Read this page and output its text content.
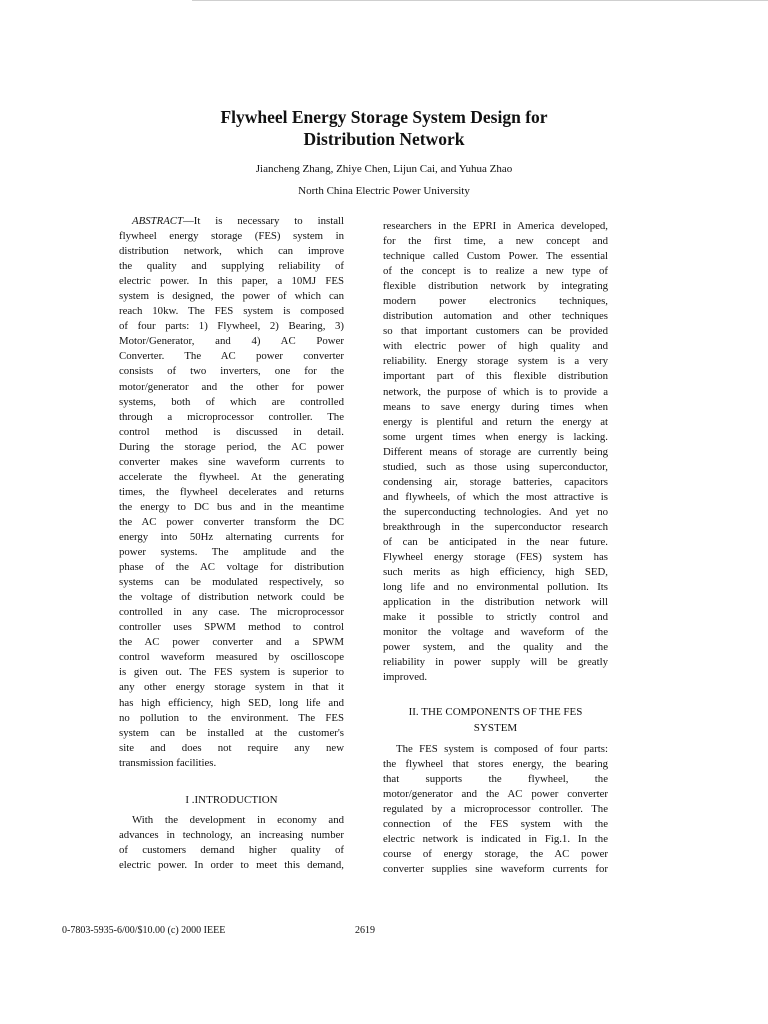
Flywheel Energy Storage System Design for
Distribution Network
Jiancheng Zhang, Zhiye Chen, Lijun Cai, and Yuhua Zhao
North China Electric Power University
ABSTRACT—It is necessary to install
flywheel energy storage (FES) system in
distribution network, which can improve
the quality and supplying reliability of
electric power. In this paper, a 10MJ FES
system is designed, the power of which can
reach 10kw. The FES system is composed
of four parts: 1) Flywheel, 2) Bearing, 3)
Motor/Generator, and 4) AC Power
Converter. The AC power converter
consists of two inverters, one for the
motor/generator and the other for power
systems, both of which are controlled
through a microprocessor controller. The
control method is discussed in detail.
During the storage period, the AC power
converter makes sine waveform currents to
accelerate the flywheel. At the generating
times, the flywheel decelerates and returns
the energy to DC bus and in the meantime
the AC power converter transform the DC
energy into 50Hz alternating currents for
power systems. The amplitude and the
phase of the AC voltage for distribution
systems can be modulated respectively, so
the voltage of distribution network could be
controlled in any case. The microprocessor
controller uses SPWM method to control
the AC power converter and a SPWM
control waveform measured by oscilloscope
is given out. The FES system is superior to
any other energy storage system in that it
has high efficiency, high SED, long life and
no pollution to the environment. The FES
system can be installed at the customer's
site and does not require any new
transmission facilities.
I .INTRODUCTION
With the development in economy and
advances in technology, an increasing number
of customers demand higher quality of
electric power. In order to meet this demand,
researchers in the EPRI in America developed,
for the first time, a new concept and
technique called Custom Power. The essential
of the concept is to realize a new type of
flexible distribution network by integrating
modern power electronics techniques,
distribution automation and other techniques
so that important customers can be provided
with electric power of high quality and
reliability. Energy storage system is a very
important part of this flexible distribution
network, the purpose of which is to provide a
means to save energy during times when
energy is plentiful and return the energy at
some urgent times when energy is lacking.
Different means of storage are currently being
studied, such as those using superconductor,
condensing air, storage batteries, capacitors
and flywheels, of which the most attractive is
the superconducting technologies. And yet no
breakthrough in the superconductor research
of can be anticipated in the near future.
Flywheel energy storage (FES) system has
such merits as high efficiency, high SED,
long life and no environmental pollution. Its
application in the distribution network will
make it possible to strictly control and
monitor the voltage and waveform of the
power system, and the quality and the
reliability in power supply will be greatly
improved.
II. THE COMPONENTS OF THE FES
SYSTEM
The FES system is composed of four parts:
the flywheel that stores energy, the bearing
that supports the flywheel, the
motor/generator and the AC power converter
regulated by a microprocessor controller. The
connection of the FES system with the
electric network is indicated in Fig.1. In the
course of energy storage, the AC power
converter supplies sine waveform currents for
0-7803-5935-6/00/$10.00 (c) 2000 IEEE	2619
